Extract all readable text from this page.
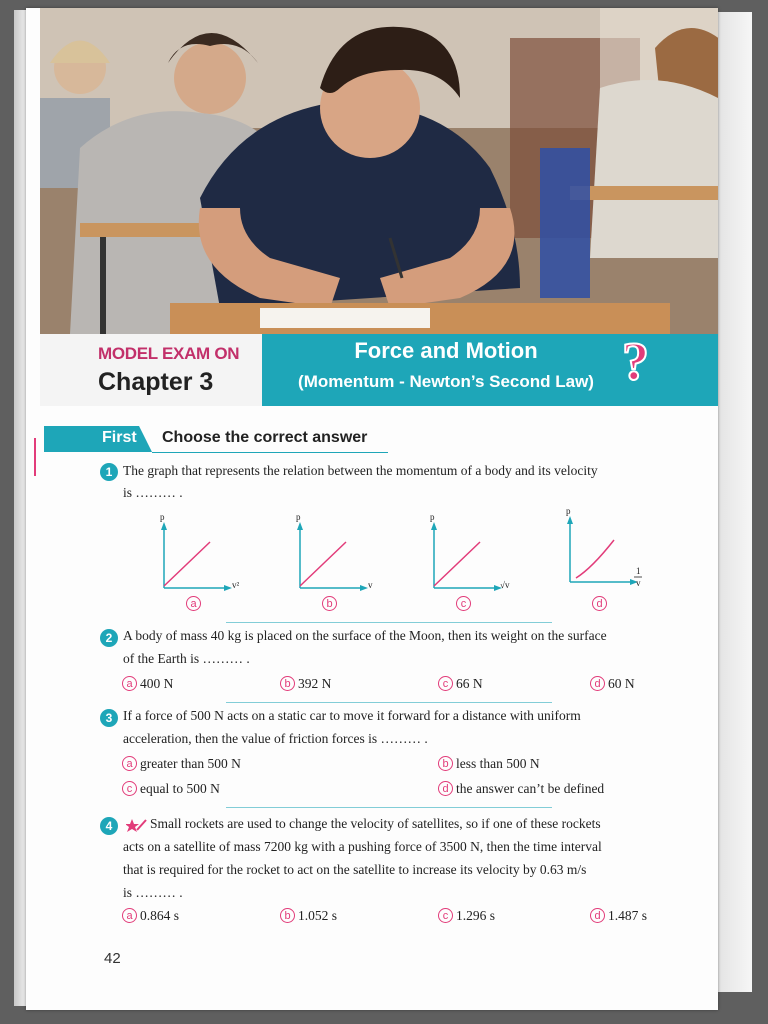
MODEL EXAM ON
Chapter 3
Force and Motion
(Momentum - Newton’s Second Law) ?
First Choose the correct answer
1 The graph that represents the relation between the momentum of a body and its velocity
is ……… .
p
v²
a
p
v
b
p
√v
c
p
1
v
d
2 A body of mass 40 kg is placed on the surface of the Moon, then its weight on the surface
of the Earth is ……… .
a 400 N	b 392 N	c 66 N	d 60 N
3 If a force of 500 N acts on a static car to move it forward for a distance with uniform
acceleration, then the value of friction forces is ……… .
a greater than 500 N	b less than 500 N
c equal to 500 N	d the answer can’t be defined
4	Small rockets are used to change the velocity of satellites, so if one of these rockets
acts on a satellite of mass 7200 kg with a pushing force of 3500 N, then the time interval
that is required for the rocket to act on the satellite to increase its velocity by 0.63 m/s
is ……… .
a 0.864 s	b 1.052 s	c 1.296 s	d 1.487 s
42
